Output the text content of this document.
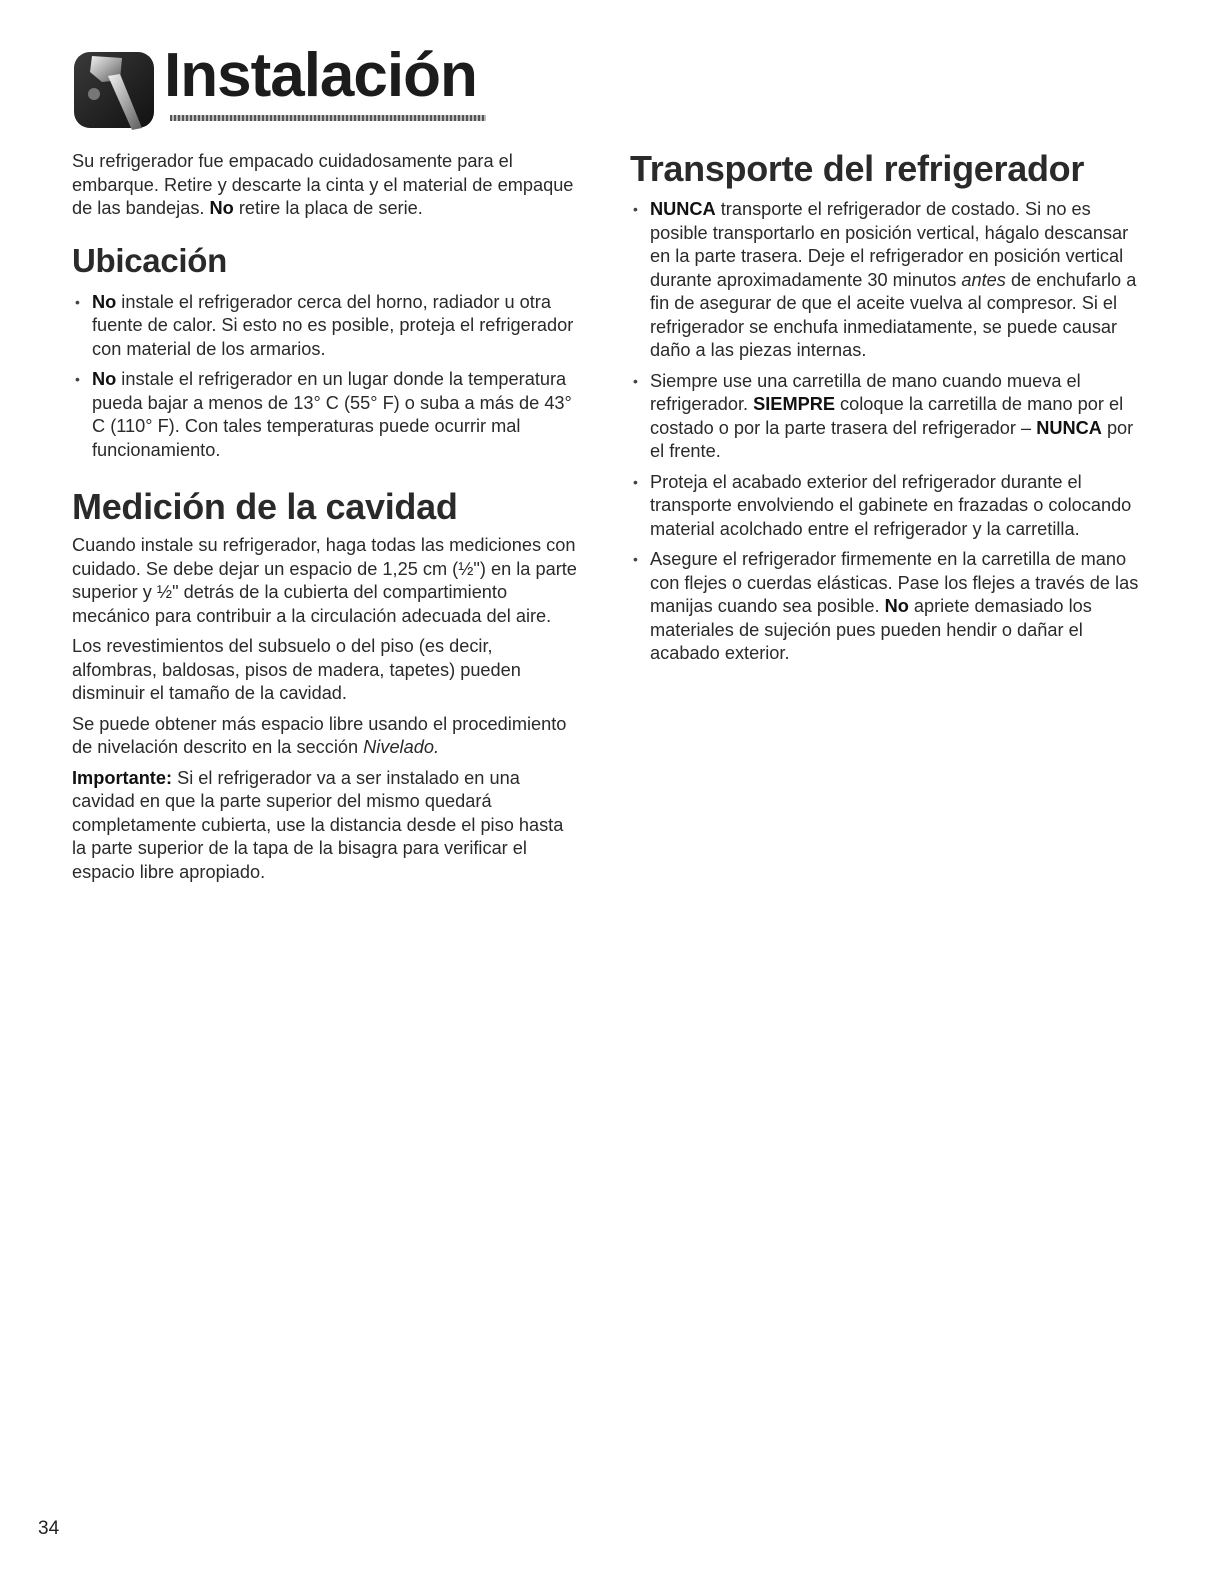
Instalación

Su refrigerador fue empacado cuidadosamente para el embarque. Retire y descarte la cinta y el material de empaque de las bandejas. No retire la placa de serie.

Ubicación
• No instale el refrigerador cerca del horno, radiador u otra fuente de calor. Si esto no es posible, proteja el refrigerador con material de los armarios.
• No instale el refrigerador en un lugar donde la temperatura pueda bajar a menos de 13° C (55° F) o suba a más de 43° C (110° F). Con tales temperaturas puede ocurrir mal funcionamiento.
Medición de la cavidad

Cuando instale su refrigerador, haga todas las mediciones con cuidado. Se debe dejar un espacio de 1,25 cm (½") en la parte superior y ½" detrás de la cubierta del compartimiento mecánico para contribuir a la circulación adecuada del aire.

Los revestimientos del subsuelo o del piso (es decir, alfombras, baldosas, pisos de madera, tapetes) pueden disminuir el tamaño de la cavidad.

Se puede obtener más espacio libre usando el procedimiento de nivelación descrito en la sección Nivelado.

Importante: Si el refrigerador va a ser instalado en una cavidad en que la parte superior del mismo quedará completamente cubierta, use la distancia desde el piso hasta la parte superior de la tapa de la bisagra para verificar el espacio libre apropiado.

Transporte del refrigerador
• NUNCA transporte el refrigerador de costado. Si no es posible transportarlo en posición vertical, hágalo descansar en la parte trasera. Deje el refrigerador en posición vertical durante aproximadamente 30 minutos antes de enchufarlo a fin de asegurar de que el aceite vuelva al compresor. Si el refrigerador se enchufa inmediatamente, se puede causar daño a las piezas internas.
• Siempre use una carretilla de mano cuando mueva el refrigerador. SIEMPRE coloque la carretilla de mano por el costado o por la parte trasera del refrigerador – NUNCA por el frente.
• Proteja el acabado exterior del refrigerador durante el transporte envolviendo el gabinete en frazadas o colocando material acolchado entre el refrigerador y la carretilla.
• Asegure el refrigerador firmemente en la carretilla de mano con flejes o cuerdas elásticas. Pase los flejes a través de las manijas cuando sea posible. No apriete demasiado los materiales de sujeción pues pueden hendir o dañar el acabado exterior.
34
